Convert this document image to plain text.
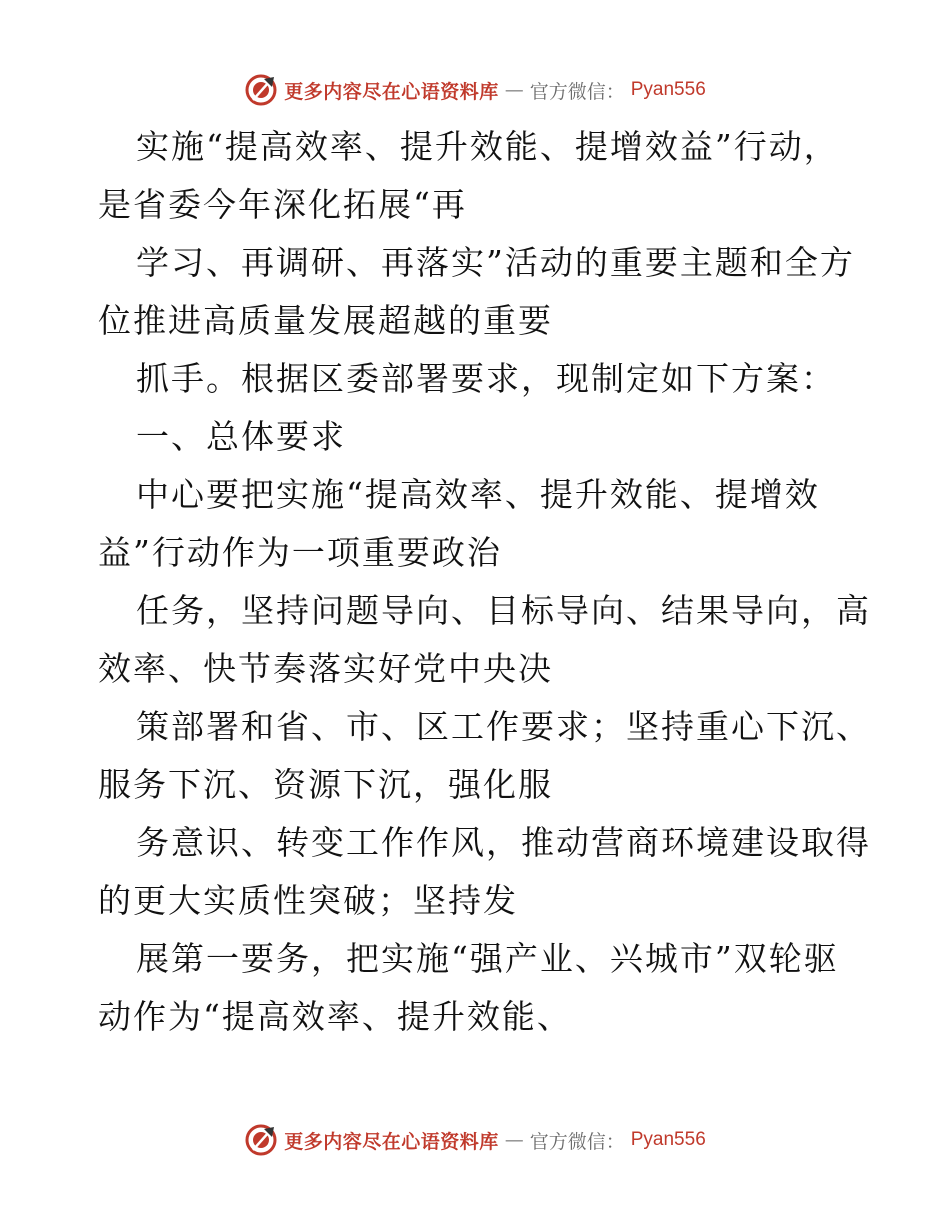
更多内容尽在心语资料库 — 官方微信： Pyan556
实施“提高效率、提升效能、提增效益”行动，
是省委今年深化拓展“再
学习、再调研、再落实”活动的重要主题和全方
位推进高质量发展超越的重要
抓手。根据区委部署要求，现制定如下方案：
一、总体要求
中心要把实施“提高效率、提升效能、提增效
益”行动作为一项重要政治
任务，坚持问题导向、目标导向、结果导向，高
效率、快节奏落实好党中央决
策部署和省、市、区工作要求；坚持重心下沉、
服务下沉、资源下沉，强化服
务意识、转变工作作风，推动营商环境建设取得
的更大实质性突破；坚持发
展第一要务，把实施“强产业、兴城市”双轮驱
动作为“提高效率、提升效能、
更多内容尽在心语资料库 — 官方微信： Pyan556
